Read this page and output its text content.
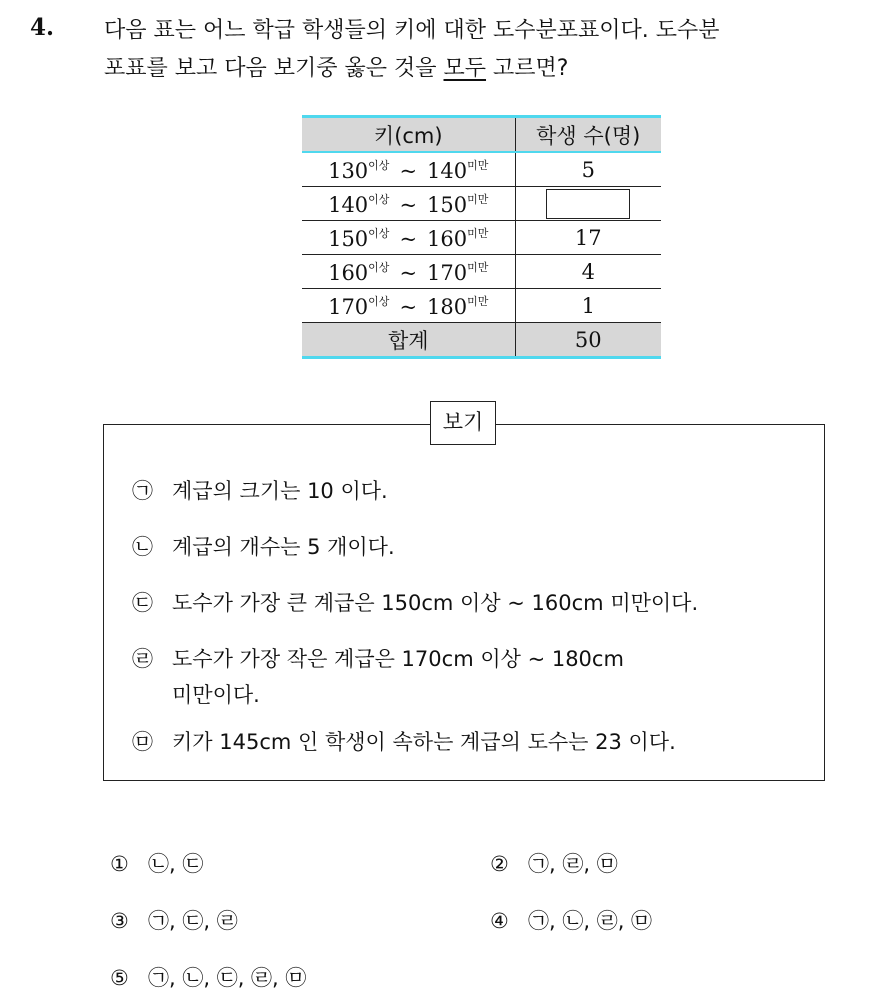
4. 다음 표는 어느 학급 학생들의 키에 대한 도수분포표이다. 도수분
포표를 보고 다음 보기중 옳은 것을 모두 고르면?
키(cm)	학생 수(명)
$130^{이상}$ ~ $140^{미만}$	5
$140^{이상}$ ~ $150^{미만}$	
$150^{이상}$ ~ $160^{미만}$	17
$160^{이상}$ ~ $170^{미만}$	4
$170^{이상}$ ~ $180^{미만}$	1
합계	50
보기
㉠ 계급의 크기는 10 이다.
㉡ 계급의 개수는 5 개이다.
㉢ 도수가 가장 큰 계급은 150cm 이상 ~ 160cm 미만이다.
㉣ 도수가 가장 작은 계급은 170cm 이상 ~ 180cm
미만이다.
㉤ 키가 145cm 인 학생이 속하는 계급의 도수는 23 이다.
① ㉡, ㉢	② ㉠, ㉣, ㉤
③ ㉠, ㉢, ㉣	④ ㉠, ㉡, ㉣, ㉤
⑤ ㉠, ㉡, ㉢, ㉣, ㉤
